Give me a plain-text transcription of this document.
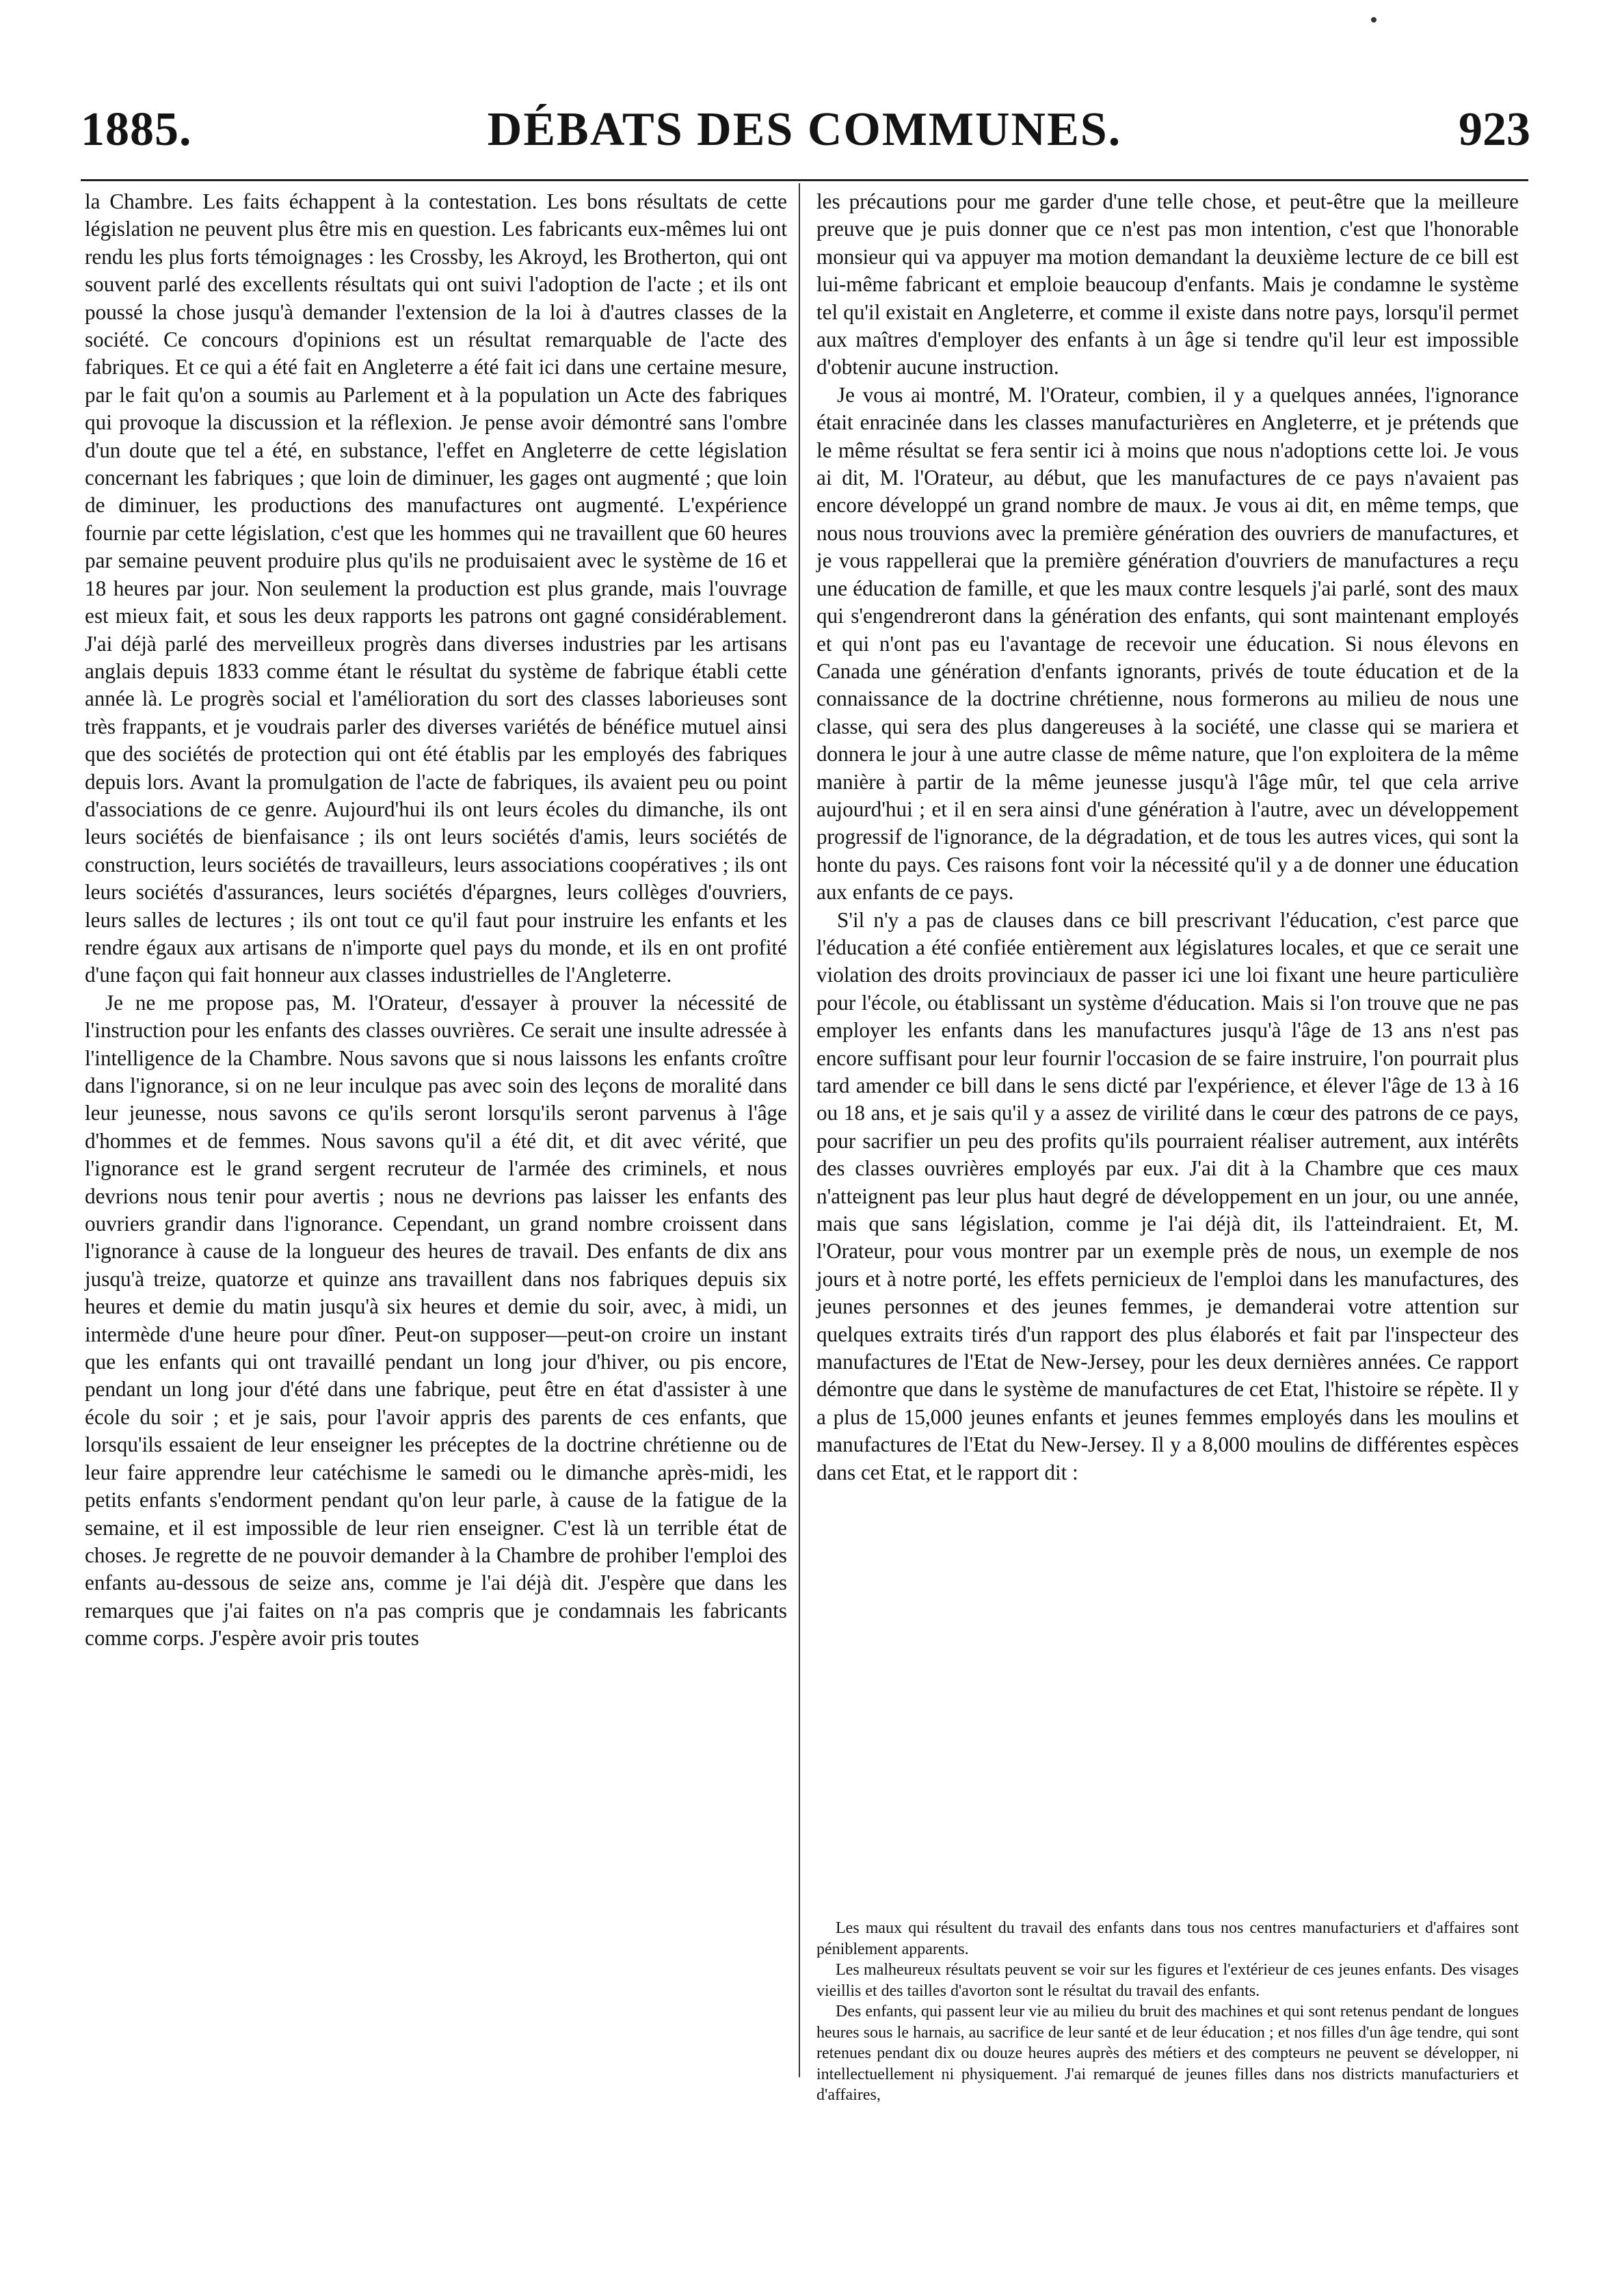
1885.	DÉBATS DES COMMUNES.	923

la Chambre. Les faits échappent à la contestation. Les bons résultats de cette législation ne peuvent plus être mis en question. Les fabricants eux-mêmes lui ont rendu les plus forts témoignages : les Crossby, les Akroyd, les Brotherton, qui ont souvent parlé des excellents résultats qui ont suivi l'adoption de l'acte ; et ils ont poussé la chose jusqu'à demander l'extension de la loi à d'autres classes de la société. Ce concours d'opinions est un résultat remarquable de l'acte des fabriques. Et ce qui a été fait en Angleterre a été fait ici dans une certaine mesure, par le fait qu'on a soumis au Parlement et à la population un Acte des fabriques qui provoque la discussion et la réflexion. Je pense avoir démontré sans l'ombre d'un doute que tel a été, en substance, l'effet en Angleterre de cette législation concernant les fabriques ; que loin de diminuer, les gages ont augmenté ; que loin de diminuer, les productions des manufactures ont augmenté. L'expérience fournie par cette législation, c'est que les hommes qui ne travaillent que 60 heures par semaine peuvent produire plus qu'ils ne produisaient avec le système de 16 et 18 heures par jour. Non seulement la production est plus grande, mais l'ouvrage est mieux fait, et sous les deux rapports les patrons ont gagné considérablement. J'ai déjà parlé des merveilleux progrès dans diverses industries par les artisans anglais depuis 1833 comme étant le résultat du système de fabrique établi cette année là. Le progrès social et l'amélioration du sort des classes laborieuses sont très frappants, et je voudrais parler des diverses variétés de bénéfice mutuel ainsi que des sociétés de protection qui ont été établis par les employés des fabriques depuis lors. Avant la promulgation de l'acte de fabriques, ils avaient peu ou point d'associations de ce genre. Aujourd'hui ils ont leurs écoles du dimanche, ils ont leurs sociétés de bienfaisance ; ils ont leurs sociétés d'amis, leurs sociétés de construction, leurs sociétés de travailleurs, leurs associations coopératives ; ils ont leurs sociétés d'assurances, leurs sociétés d'épargnes, leurs collèges d'ouvriers, leurs salles de lectures ; ils ont tout ce qu'il faut pour instruire les enfants et les rendre égaux aux artisans de n'importe quel pays du monde, et ils en ont profité d'une façon qui fait honneur aux classes industrielles de l'Angleterre.

Je ne me propose pas, M. l'Orateur, d'essayer à prouver la nécessité de l'instruction pour les enfants des classes ouvrières. Ce serait une insulte adressée à l'intelligence de la Chambre. Nous savons que si nous laissons les enfants croître dans l'ignorance, si on ne leur inculque pas avec soin des leçons de moralité dans leur jeunesse, nous savons ce qu'ils seront lorsqu'ils seront parvenus à l'âge d'hommes et de femmes. Nous savons qu'il a été dit, et dit avec vérité, que l'ignorance est le grand sergent recruteur de l'armée des criminels, et nous devrions nous tenir pour avertis ; nous ne devrions pas laisser les enfants des ouvriers grandir dans l'ignorance. Cependant, un grand nombre croissent dans l'ignorance à cause de la longueur des heures de travail. Des enfants de dix ans jusqu'à treize, quatorze et quinze ans travaillent dans nos fabriques depuis six heures et demie du matin jusqu'à six heures et demie du soir, avec, à midi, un intermède d'une heure pour dîner. Peut-on supposer—peut-on croire un instant que les enfants qui ont travaillé pendant un long jour d'hiver, ou pis encore, pendant un long jour d'été dans une fabrique, peut être en état d'assister à une école du soir ; et je sais, pour l'avoir appris des parents de ces enfants, que lorsqu'ils essaient de leur enseigner les préceptes de la doctrine chrétienne ou de leur faire apprendre leur catéchisme le samedi ou le dimanche après-midi, les petits enfants s'endorment pendant qu'on leur parle, à cause de la fatigue de la semaine, et il est impossible de leur rien enseigner. C'est là un terrible état de choses. Je regrette de ne pouvoir demander à la Chambre de prohiber l'emploi des enfants au-dessous de seize ans, comme je l'ai déjà dit. J'espère que dans les remarques que j'ai faites on n'a pas compris que je condamnais les fabricants comme corps. J'espère avoir pris toutes

les précautions pour me garder d'une telle chose, et peut-être que la meilleure preuve que je puis donner que ce n'est pas mon intention, c'est que l'honorable monsieur qui va appuyer ma motion demandant la deuxième lecture de ce bill est lui-même fabricant et emploie beaucoup d'enfants. Mais je condamne le système tel qu'il existait en Angleterre, et comme il existe dans notre pays, lorsqu'il permet aux maîtres d'employer des enfants à un âge si tendre qu'il leur est impossible d'obtenir aucune instruction.

Je vous ai montré, M. l'Orateur, combien, il y a quelques années, l'ignorance était enracinée dans les classes manufacturières en Angleterre, et je prétends que le même résultat se fera sentir ici à moins que nous n'adoptions cette loi. Je vous ai dit, M. l'Orateur, au début, que les manufactures de ce pays n'avaient pas encore développé un grand nombre de maux. Je vous ai dit, en même temps, que nous nous trouvions avec la première génération des ouvriers de manufactures, et je vous rappellerai que la première génération d'ouvriers de manufactures a reçu une éducation de famille, et que les maux contre lesquels j'ai parlé, sont des maux qui s'engendreront dans la génération des enfants, qui sont maintenant employés et qui n'ont pas eu l'avantage de recevoir une éducation. Si nous élevons en Canada une génération d'enfants ignorants, privés de toute éducation et de la connaissance de la doctrine chrétienne, nous formerons au milieu de nous une classe, qui sera des plus dangereuses à la société, une classe qui se mariera et donnera le jour à une autre classe de même nature, que l'on exploitera de la même manière à partir de la même jeunesse jusqu'à l'âge mûr, tel que cela arrive aujourd'hui ; et il en sera ainsi d'une génération à l'autre, avec un développement progressif de l'ignorance, de la dégradation, et de tous les autres vices, qui sont la honte du pays. Ces raisons font voir la nécessité qu'il y a de donner une éducation aux enfants de ce pays.

S'il n'y a pas de clauses dans ce bill prescrivant l'éducation, c'est parce que l'éducation a été confiée entièrement aux législatures locales, et que ce serait une violation des droits provinciaux de passer ici une loi fixant une heure particulière pour l'école, ou établissant un système d'éducation. Mais si l'on trouve que ne pas employer les enfants dans les manufactures jusqu'à l'âge de 13 ans n'est pas encore suffisant pour leur fournir l'occasion de se faire instruire, l'on pourrait plus tard amender ce bill dans le sens dicté par l'expérience, et élever l'âge de 13 à 16 ou 18 ans, et je sais qu'il y a assez de virilité dans le cœur des patrons de ce pays, pour sacrifier un peu des profits qu'ils pourraient réaliser autrement, aux intérêts des classes ouvrières employés par eux. J'ai dit à la Chambre que ces maux n'atteignent pas leur plus haut degré de développement en un jour, ou une année, mais que sans législation, comme je l'ai déjà dit, ils l'atteindraient. Et, M. l'Orateur, pour vous montrer par un exemple près de nous, un exemple de nos jours et à notre porté, les effets pernicieux de l'emploi dans les manufactures, des jeunes personnes et des jeunes femmes, je demanderai votre attention sur quelques extraits tirés d'un rapport des plus élaborés et fait par l'inspecteur des manufactures de l'Etat de New-Jersey, pour les deux dernières années. Ce rapport démontre que dans le système de manufactures de cet Etat, l'histoire se répète. Il y a plus de 15,000 jeunes enfants et jeunes femmes employés dans les moulins et manufactures de l'Etat du New-Jersey. Il y a 8,000 moulins de différentes espèces dans cet Etat, et le rapport dit :

Les maux qui résultent du travail des enfants dans tous nos centres manufacturiers et d'affaires sont péniblement apparents.

Les malheureux résultats peuvent se voir sur les figures et l'extérieur de ces jeunes enfants. Des visages vieillis et des tailles d'avorton sont le résultat du travail des enfants.

Des enfants, qui passent leur vie au milieu du bruit des machines et qui sont retenus pendant de longues heures sous le harnais, au sacrifice de leur santé et de leur éducation ; et nos filles d'un âge tendre, qui sont retenues pendant dix ou douze heures auprès des métiers et des compteurs ne peuvent se développer, ni intellectuellement ni physiquement. J'ai remarqué de jeunes filles dans nos districts manufacturiers et d'affaires,
